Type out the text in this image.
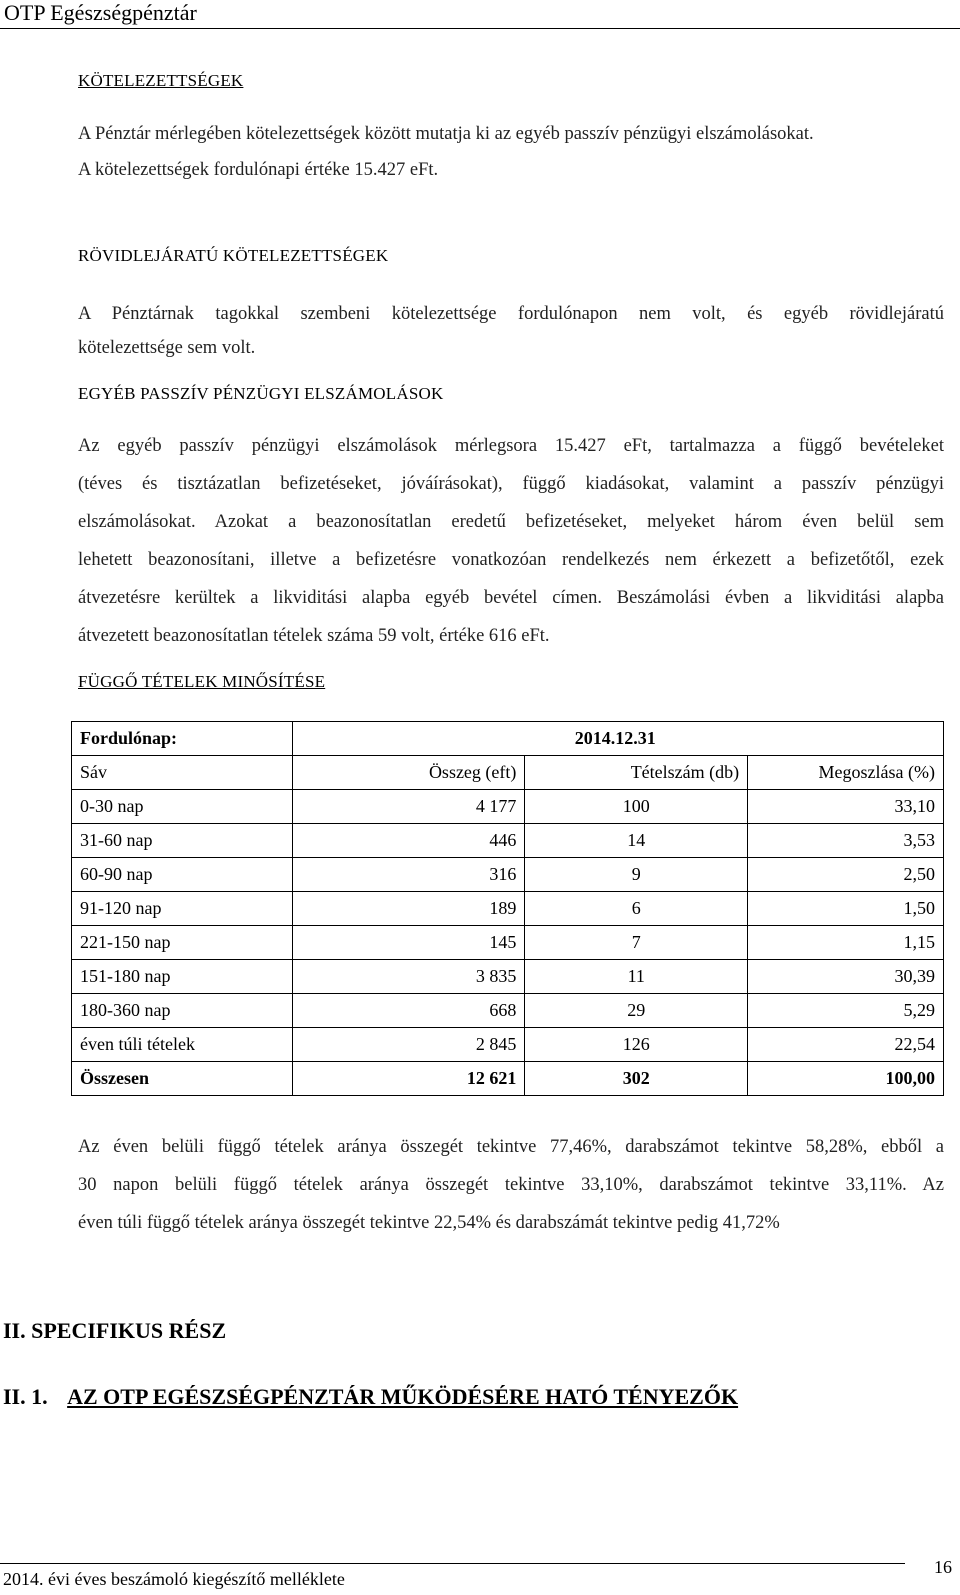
OTP Egészségpénztár
KÖTELEZETTSÉGEK

A Pénztár mérlegében kötelezettségek között mutatja ki az egyéb passzív pénzügyi elszámolásokat.

A kötelezettségek fordulónapi értéke 15.427 eFt.

RÖVIDLEJÁRATÚ KÖTELEZETTSÉGEK

A Pénztárnak tagokkal szembeni kötelezettsége fordulónapon nem volt, és egyéb rövidlejáratú

kötelezettsége sem volt.

EGYÉB PASSZÍV PÉNZÜGYI ELSZÁMOLÁSOK

Az egyéb passzív pénzügyi elszámolások mérlegsora 15.427 eFt, tartalmazza a függő bevételeket

(téves és tisztázatlan befizetéseket, jóváírásokat), függő kiadásokat, valamint a passzív pénzügyi

elszámolásokat. Azokat a beazonosítatlan eredetű befizetéseket, melyeket három éven belül sem

lehetett beazonosítani, illetve a befizetésre vonatkozóan rendelkezés nem érkezett a befizetőtől, ezek

átvezetésre kerültek a likviditási alapba egyéb bevétel címen. Beszámolási évben a likviditási alapba

átvezetett beazonosítatlan tételek száma 59 volt, értéke 616 eFt.

FÜGGŐ TÉTELEK MINŐSÍTÉSE
Fordulónap:	2014.12.31		
Sáv	Összeg (eft)	Tételszám (db)	Megoszlása (%)
0-30 nap	4 177	100	33,10
31-60 nap	446	14	3,53
60-90 nap	316	9	2,50
91-120 nap	189	6	1,50
221-150 nap	145	7	1,15
151-180 nap	3 835	11	30,39
180-360 nap	668	29	5,29
éven túli tételek	2 845	126	22,54
Összesen	12 621	302	100,00

Az éven belüli függő tételek aránya összegét tekintve 77,46%, darabszámot tekintve 58,28%, ebből a

30 napon belüli függő tételek aránya összegét tekintve 33,10%, darabszámot tekintve 33,11%. Az

éven túli függő tételek aránya összegét tekintve 22,54% és darabszámát tekintve pedig 41,72%

II. SPECIFIKUS RÉSZ
II. 1. AZ OTP EGÉSZSÉGPÉNZTÁR MŰKÖDÉSÉRE HATÓ TÉNYEZŐK
2014. évi éves beszámoló kiegészítő melléklete
16
